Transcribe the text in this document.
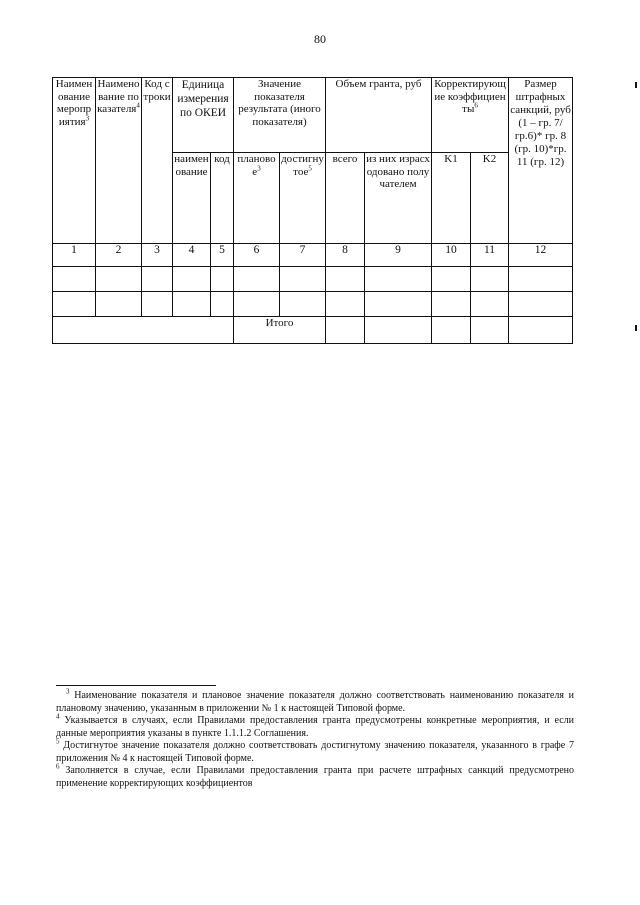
80
Наименование мероприятия$^3$	Наименование показателя$^4$	Код строки	Единица измерения по ОКЕИ		Значение показателя результата (иного показателя)		Объем гранта, руб		Корректирующие коэффициенты$^6$		Размер штрафных санкций, руб (1 – гр. 7/ гр.6)* гр. 8 (гр. 10)*гр. 11 (гр. 12)
			наименование	код	плановое$^3$	достигнутое$^5$	всего	из них израсходовано получателем	K1	K2	
1	2	3	4	5	6	7	8	9	10	11	12

					Итого						

$^3$ Наименование показателя и плановое значение показателя должно соответствовать наименованию показателя и плановому значению, указанным в приложении № 1 к настоящей Типовой форме.

$^4$ Указывается в случаях, если Правилами предоставления гранта предусмотрены конкретные мероприятия, и если данные мероприятия указаны в пункте 1.1.1.2 Соглашения.

$^5$ Достигнутое значение показателя должно соответствовать достигнутому значению показателя, указанного в графе 7 приложения № 4 к настоящей Типовой форме.

$^6$ Заполняется в случае, если Правилами предоставления гранта при расчете штрафных санкций предусмотрено применение корректирующих коэффициентов
